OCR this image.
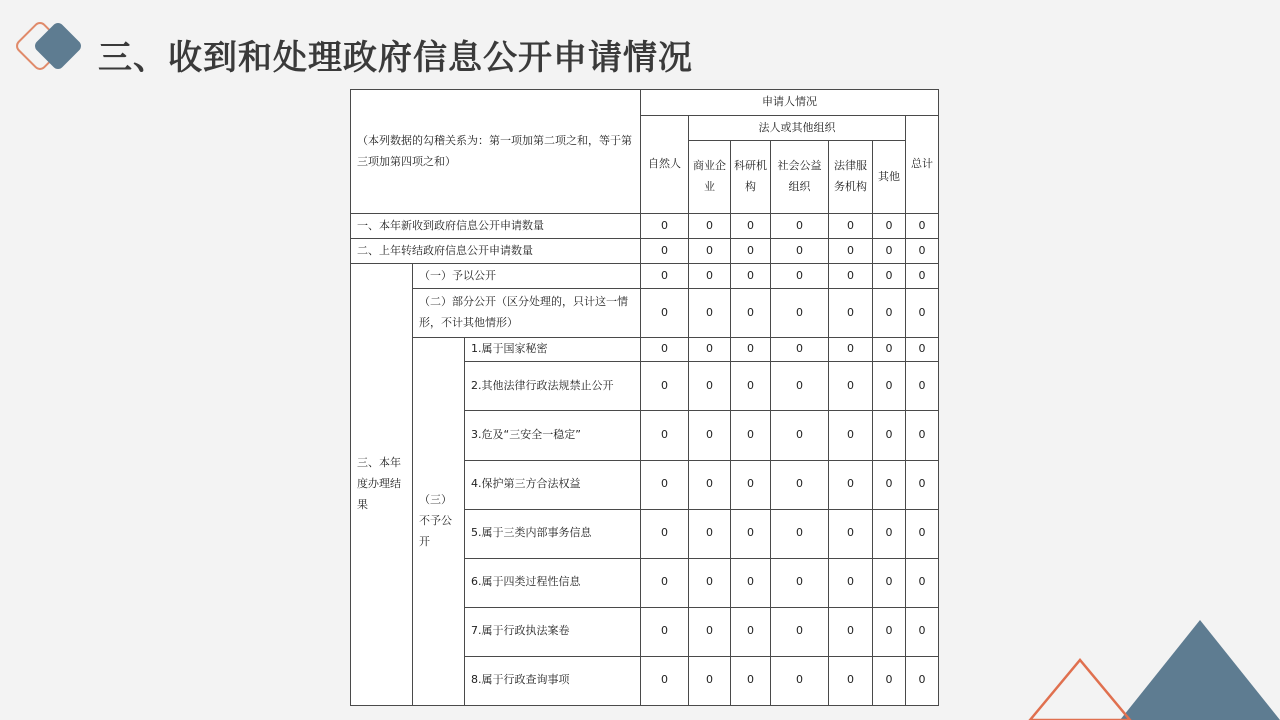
三、收到和处理政府信息公开申请情况
（本列数据的勾稽关系为：第一项加第二项之和，等于第三项加第四项之和）			申请人情况						
			自然人	法人或其他组织					总计
				商业企业	科研机构	社会公益组织	法律服务机构	其他	
一、本年新收到政府信息公开申请数量			0	0	0	0	0	0	0
二、上年转结政府信息公开申请数量			0	0	0	0	0	0	0
三、本年度办理结果	（一）予以公开		0	0	0	0	0	0	0
	（二）部分公开（区分处理的，只计这一情形，不计其他情形）		0	0	0	0	0	0	0
	（三）不予公开	1.属于国家秘密	0	0	0	0	0	0	0
		2.其他法律行政法规禁止公开	0	0	0	0	0	0	0
		3.危及“三安全一稳定”	0	0	0	0	0	0	0
		4.保护第三方合法权益	0	0	0	0	0	0	0
		5.属于三类内部事务信息	0	0	0	0	0	0	0
		6.属于四类过程性信息	0	0	0	0	0	0	0
		7.属于行政执法案卷	0	0	0	0	0	0	0
		8.属于行政查询事项	0	0	0	0	0	0	0
